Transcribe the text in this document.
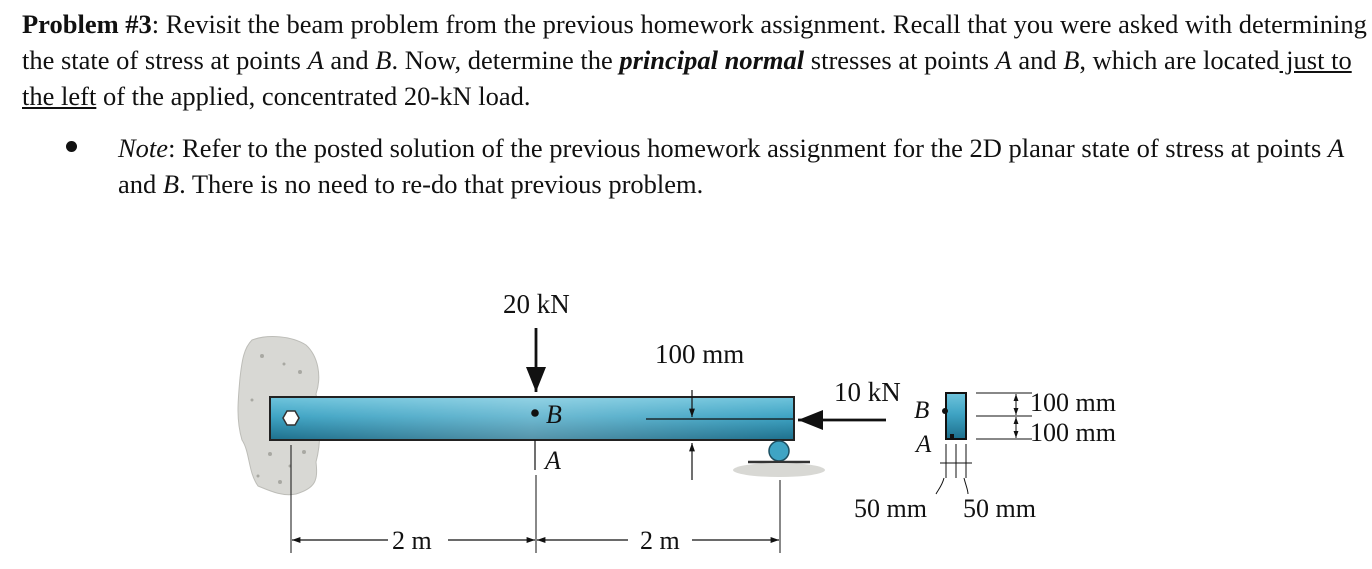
Problem #3: Revisit the beam problem from the previous homework assignment. Recall that you were asked with determining the state of stress at points A and B. Now, determine the principal normal stresses at points A and B, which are located just to the left of the applied, concentrated 20-kN load.
Note: Refer to the posted solution of the previous homework assignment for the 2D planar state of stress at points A and B. There is no need to re-do that previous problem.
100 mm
20 kN
B
A
10 kN
2 m	2 m
B
A
100 mm
100 mm
50 mm 50 mm
